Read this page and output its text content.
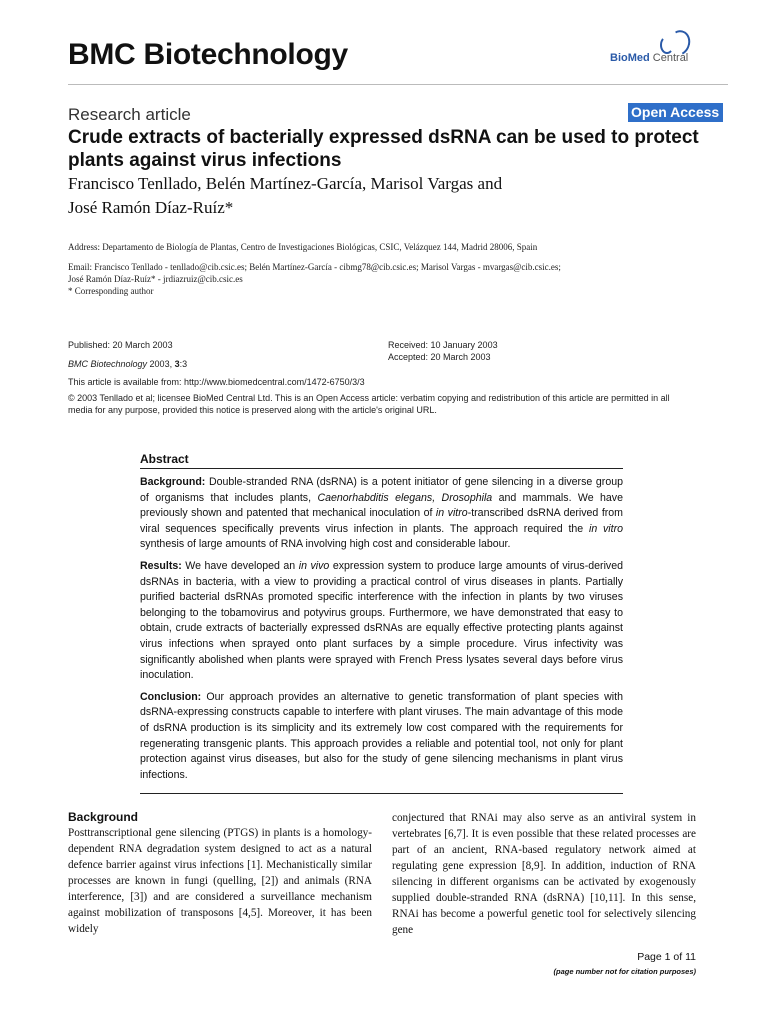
BMC Biotechnology	BioMed Central
Research article	Open Access
Crude extracts of bacterially expressed dsRNA can be used to protect plants against virus infections
Francisco Tenllado, Belén Martínez-García, Marisol Vargas and
José Ramón Díaz-Ruíz*
Address: Departamento de Biología de Plantas, Centro de Investigaciones Biológicas, CSIC, Velázquez 144, Madrid 28006, Spain
Email: Francisco Tenllado - tenllado@cib.csic.es; Belén Martínez-García - cibmg78@cib.csic.es; Marisol Vargas - mvargas@cib.csic.es;
José Ramón Díaz-Ruíz* - jrdiazruiz@cib.csic.es
* Corresponding author
Published: 20 March 2003
BMC Biotechnology 2003, 3:3
Received: 10 January 2003
Accepted: 20 March 2003
This article is available from: http://www.biomedcentral.com/1472-6750/3/3
© 2003 Tenllado et al; licensee BioMed Central Ltd. This is an Open Access article: verbatim copying and redistribution of this article are permitted in all media for any purpose, provided this notice is preserved along with the article's original URL.
Abstract
Background: Double-stranded RNA (dsRNA) is a potent initiator of gene silencing in a diverse group of organisms that includes plants, Caenorhabditis elegans, Drosophila and mammals. We have previously shown and patented that mechanical inoculation of in vitro-transcribed dsRNA derived from viral sequences specifically prevents virus infection in plants. The approach required the in vitro synthesis of large amounts of RNA involving high cost and considerable labour.
Results: We have developed an in vivo expression system to produce large amounts of virus-derived dsRNAs in bacteria, with a view to providing a practical control of virus diseases in plants. Partially purified bacterial dsRNAs promoted specific interference with the infection in plants by two viruses belonging to the tobamovirus and potyvirus groups. Furthermore, we have demonstrated that easy to obtain, crude extracts of bacterially expressed dsRNAs are equally effective protecting plants against virus infections when sprayed onto plant surfaces by a simple procedure. Virus infectivity was significantly abolished when plants were sprayed with French Press lysates several days before virus inoculation.
Conclusion: Our approach provides an alternative to genetic transformation of plant species with dsRNA-expressing constructs capable to interfere with plant viruses. The main advantage of this mode of dsRNA production is its simplicity and its extremely low cost compared with the requirements for regenerating transgenic plants. This approach provides a reliable and potential tool, not only for plant protection against virus diseases, but also for the study of gene silencing mechanisms in plant virus infections.
Background
Posttranscriptional gene silencing (PTGS) in plants is a homology-dependent RNA degradation system designed to act as a natural defence barrier against virus infections [1]. Mechanistically similar processes are known in fungi (quelling, [2]) and animals (RNA interference, [3]) and are considered a surveillance mechanism against mobilization of transposons [4,5]. Moreover, it has been widely
conjectured that RNAi may also serve as an antiviral system in vertebrates [6,7]. It is even possible that these related processes are part of an ancient, RNA-based regulatory network aimed at regulating gene expression [8,9]. In addition, induction of RNA silencing in different organisms can be activated by exogenously supplied double-stranded RNA (dsRNA) [10,11]. In this sense, RNAi has become a powerful genetic tool for selectively silencing gene
Page 1 of 11
(page number not for citation purposes)
